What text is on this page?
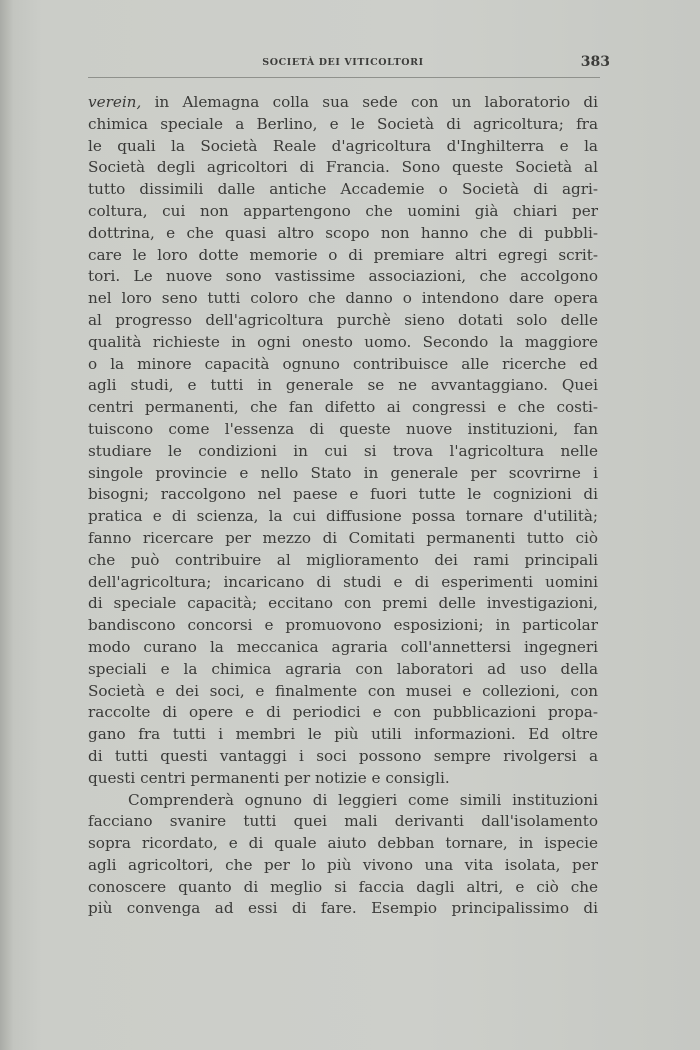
SOCIETÀ DEI VITICOLTORI	383
verein, in Alemagna colla sua sede con un laboratorio di
chimica speciale a Berlino, e le Società di agricoltura; fra
le quali la Società Reale d'agricoltura d'Inghilterra e la
Società degli agricoltori di Francia. Sono queste Società al
tutto dissimili dalle antiche Accademie o Società di agri-
coltura, cui non appartengono che uomini già chiari per
dottrina, e che quasi altro scopo non hanno che di pubbli-
care le loro dotte memorie o di premiare altri egregi scrit-
tori. Le nuove sono vastissime associazioni, che accolgono
nel loro seno tutti coloro che danno o intendono dare opera
al progresso dell'agricoltura purchè sieno dotati solo delle
qualità richieste in ogni onesto uomo. Secondo la maggiore
o la minore capacità ognuno contribuisce alle ricerche ed
agli studi, e tutti in generale se ne avvantaggiano. Quei
centri permanenti, che fan difetto ai congressi e che costi-
tuiscono come l'essenza di queste nuove instituzioni, fan
studiare le condizioni in cui si trova l'agricoltura nelle
singole provincie e nello Stato in generale per scovrirne i
bisogni; raccolgono nel paese e fuori tutte le cognizioni di
pratica e di scienza, la cui diffusione possa tornare d'utilità;
fanno ricercare per mezzo di Comitati permanenti tutto ciò
che può contribuire al miglioramento dei rami principali
dell'agricoltura; incaricano di studi e di esperimenti uomini
di speciale capacità; eccitano con premi delle investigazioni,
bandiscono concorsi e promuovono esposizioni; in particolar
modo curano la meccanica agraria coll'annettersi ingegneri
speciali e la chimica agraria con laboratori ad uso della
Società e dei soci, e finalmente con musei e collezioni, con
raccolte di opere e di periodici e con pubblicazioni propa-
gano fra tutti i membri le più utili informazioni. Ed oltre
di tutti questi vantaggi i soci possono sempre rivolgersi a
questi centri permanenti per notizie e consigli.
Comprenderà ognuno di leggieri come simili instituzioni
facciano svanire tutti quei mali derivanti dall'isolamento
sopra ricordato, e di quale aiuto debban tornare, in ispecie
agli agricoltori, che per lo più vivono una vita isolata, per
conoscere quanto di meglio si faccia dagli altri, e ciò che
più convenga ad essi di fare. Esempio principalissimo di
